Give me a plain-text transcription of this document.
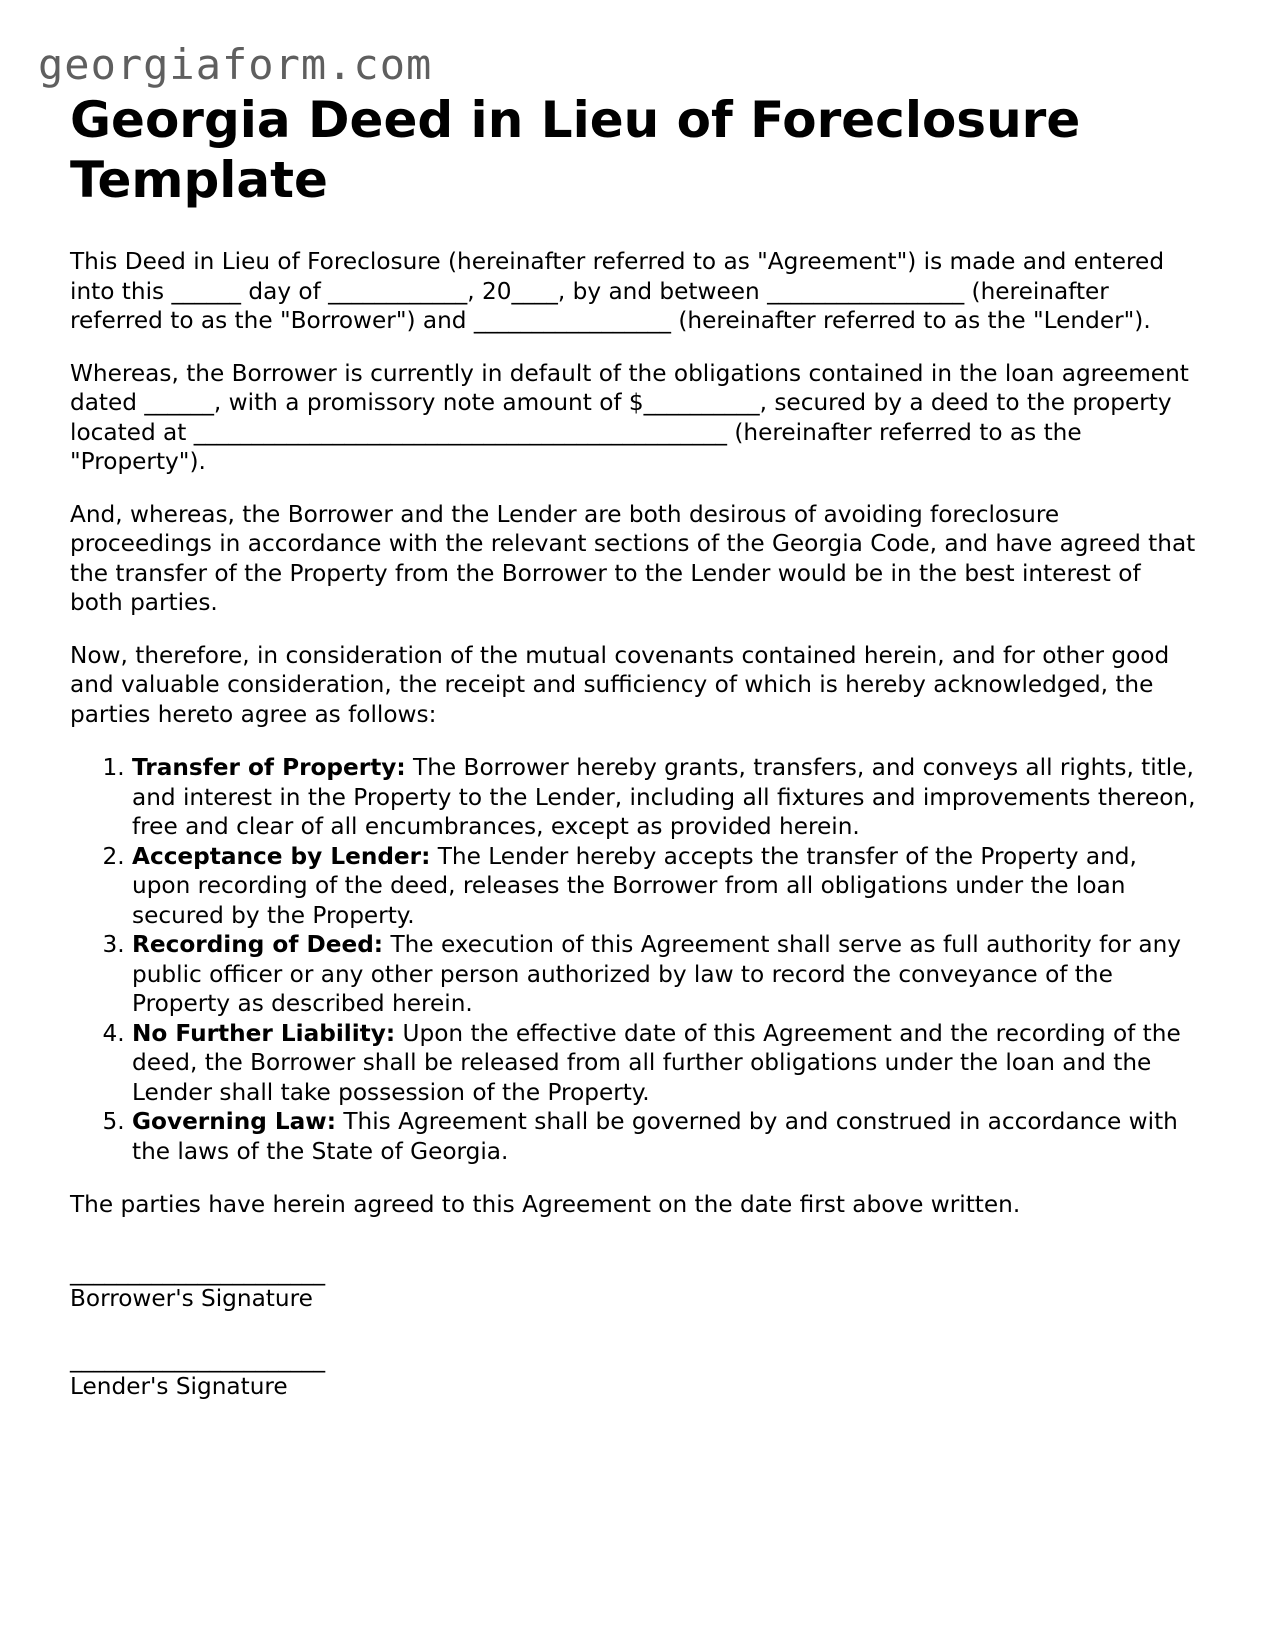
georgiaform.com
Georgia Deed in Lieu of Foreclosure Template

This Deed in Lieu of Foreclosure (hereinafter referred to as "Agreement") is made and entered into this ______ day of ____________, 20____, by and between _________________ (hereinafter referred to as the "Borrower") and _________________ (hereinafter referred to as the "Lender").

Whereas, the Borrower is currently in default of the obligations contained in the loan agreement dated ______, with a promissory note amount of $__________, secured by a deed to the property located at ______________________________________________ (hereinafter referred to as the "Property").

And, whereas, the Borrower and the Lender are both desirous of avoiding foreclosure proceedings in accordance with the relevant sections of the Georgia Code, and have agreed that the transfer of the Property from the Borrower to the Lender would be in the best interest of both parties.

Now, therefore, in consideration of the mutual covenants contained herein, and for other good and valuable consideration, the receipt and sufficiency of which is hereby acknowledged, the parties hereto agree as follows:

1. Transfer of Property: The Borrower hereby grants, transfers, and conveys all rights, title, and interest in the Property to the Lender, including all fixtures and improvements thereon, free and clear of all encumbrances, except as provided herein.
2. Acceptance by Lender: The Lender hereby accepts the transfer of the Property and, upon recording of the deed, releases the Borrower from all obligations under the loan secured by the Property.
3. Recording of Deed: The execution of this Agreement shall serve as full authority for any public officer or any other person authorized by law to record the conveyance of the Property as described herein.
4. No Further Liability: Upon the effective date of this Agreement and the recording of the deed, the Borrower shall be released from all further obligations under the loan and the Lender shall take possession of the Property.
5. Governing Law: This Agreement shall be governed by and construed in accordance with the laws of the State of Georgia.

The parties have herein agreed to this Agreement on the date first above written.

______________________
Borrower's Signature
______________________
Lender's Signature
